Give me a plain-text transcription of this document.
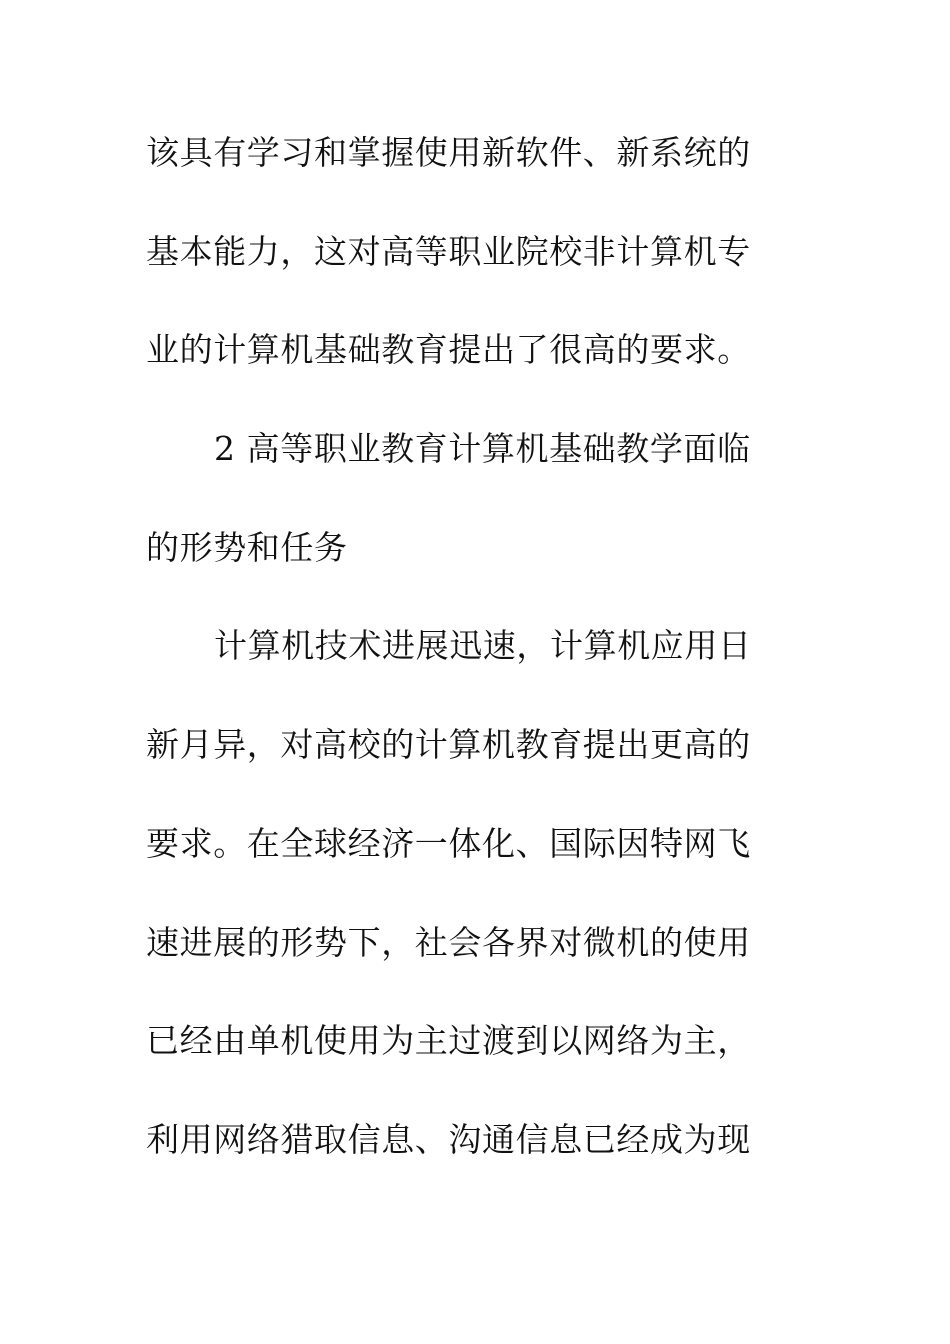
该具有学习和掌握使用新软件、新系统的
基本能力，这对高等职业院校非计算机专
业的计算机基础教育提出了很高的要求。
2 高等职业教育计算机基础教学面临
的形势和任务
计算机技术进展迅速，计算机应用日
新月异，对高校的计算机教育提出更高的
要求。在全球经济一体化、国际因特网飞
速进展的形势下，社会各界对微机的使用
已经由单机使用为主过渡到以网络为主，
利用网络猎取信息、沟通信息已经成为现
